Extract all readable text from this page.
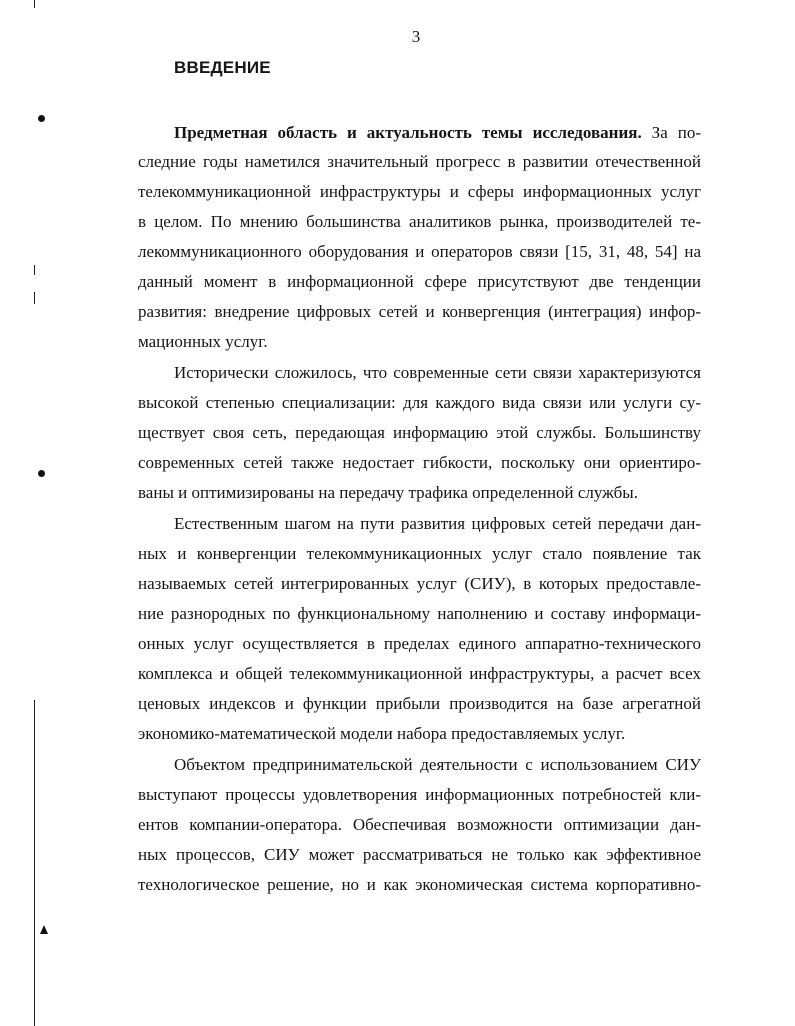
3
ВВЕДЕНИЕ
Предметная область и актуальность темы исследования. За по-
следние годы наметился значительный прогресс в развитии отечественной
телекоммуникационной инфраструктуры и сферы информационных услуг
в целом. По мнению большинства аналитиков рынка, производителей те-
лекоммуникационного оборудования и операторов связи [15, 31, 48, 54] на
данный момент в информационной сфере присутствуют две тенденции
развития: внедрение цифровых сетей и конвергенция (интеграция) инфор-
мационных услуг.
Исторически сложилось, что современные сети связи характеризуются
высокой степенью специализации: для каждого вида связи или услуги су-
ществует своя сеть, передающая информацию этой службы. Большинству
современных сетей также недостает гибкости, поскольку они ориентиро-
ваны и оптимизированы на передачу трафика определенной службы.
Естественным шагом на пути развития цифровых сетей передачи дан-
ных и конвергенции телекоммуникационных услуг стало появление так
называемых сетей интегрированных услуг (СИУ), в которых предоставле-
ние разнородных по функциональному наполнению и составу информаци-
онных услуг осуществляется в пределах единого аппаратно-технического
комплекса и общей телекоммуникационной инфраструктуры, а расчет всех
ценовых индексов и функции прибыли производится на базе агрегатной
экономико-математической модели набора предоставляемых услуг.
Объектом предпринимательской деятельности с использованием СИУ
выступают процессы удовлетворения информационных потребностей кли-
ентов компании-оператора. Обеспечивая возможности оптимизации дан-
ных процессов, СИУ может рассматриваться не только как эффективное
технологическое решение, но и как экономическая система корпоративно-
